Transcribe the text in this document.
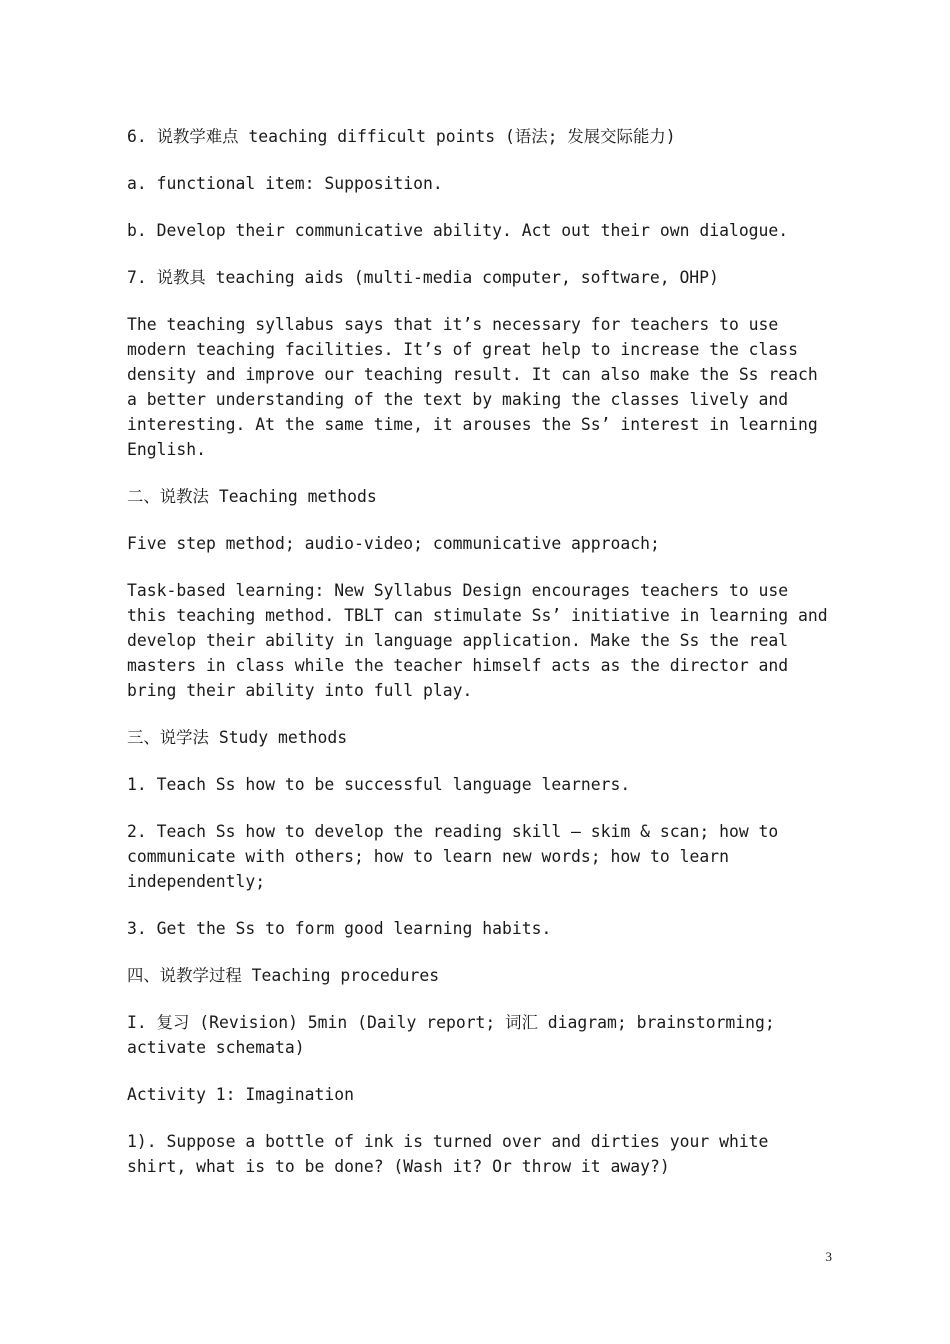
6. 说教学难点 teaching difficult points (语法; 发展交际能力)

a. functional item: Supposition.

b. Develop their communicative ability. Act out their own dialogue.

7. 说教具 teaching aids (multi-media computer, software, OHP)

The teaching syllabus says that it’s necessary for teachers to use modern teaching facilities. It’s of great help to increase the class density and improve our teaching result. It can also make the Ss reach a better understanding of the text by making the classes lively and interesting. At the same time, it arouses the Ss’ interest in learning English.

二、说教法 Teaching methods

Five step method; audio-video; communicative approach;

Task-based learning: New Syllabus Design encourages teachers to use this teaching method. TBLT can stimulate Ss’ initiative in learning and develop their ability in language application. Make the Ss the real masters in class while the teacher himself acts as the director and bring their ability into full play.

三、说学法 Study methods

1. Teach Ss how to be successful language learners.

2. Teach Ss how to develop the reading skill — skim & scan; how to communicate with others; how to learn new words; how to learn independently;

3. Get the Ss to form good learning habits.

四、说教学过程 Teaching procedures

I. 复习 (Revision) 5min (Daily report; 词汇 diagram; brainstorming; activate schemata)

Activity 1: Imagination

1). Suppose a bottle of ink is turned over and dirties your white shirt, what is to be done? (Wash it? Or throw it away?)

3
